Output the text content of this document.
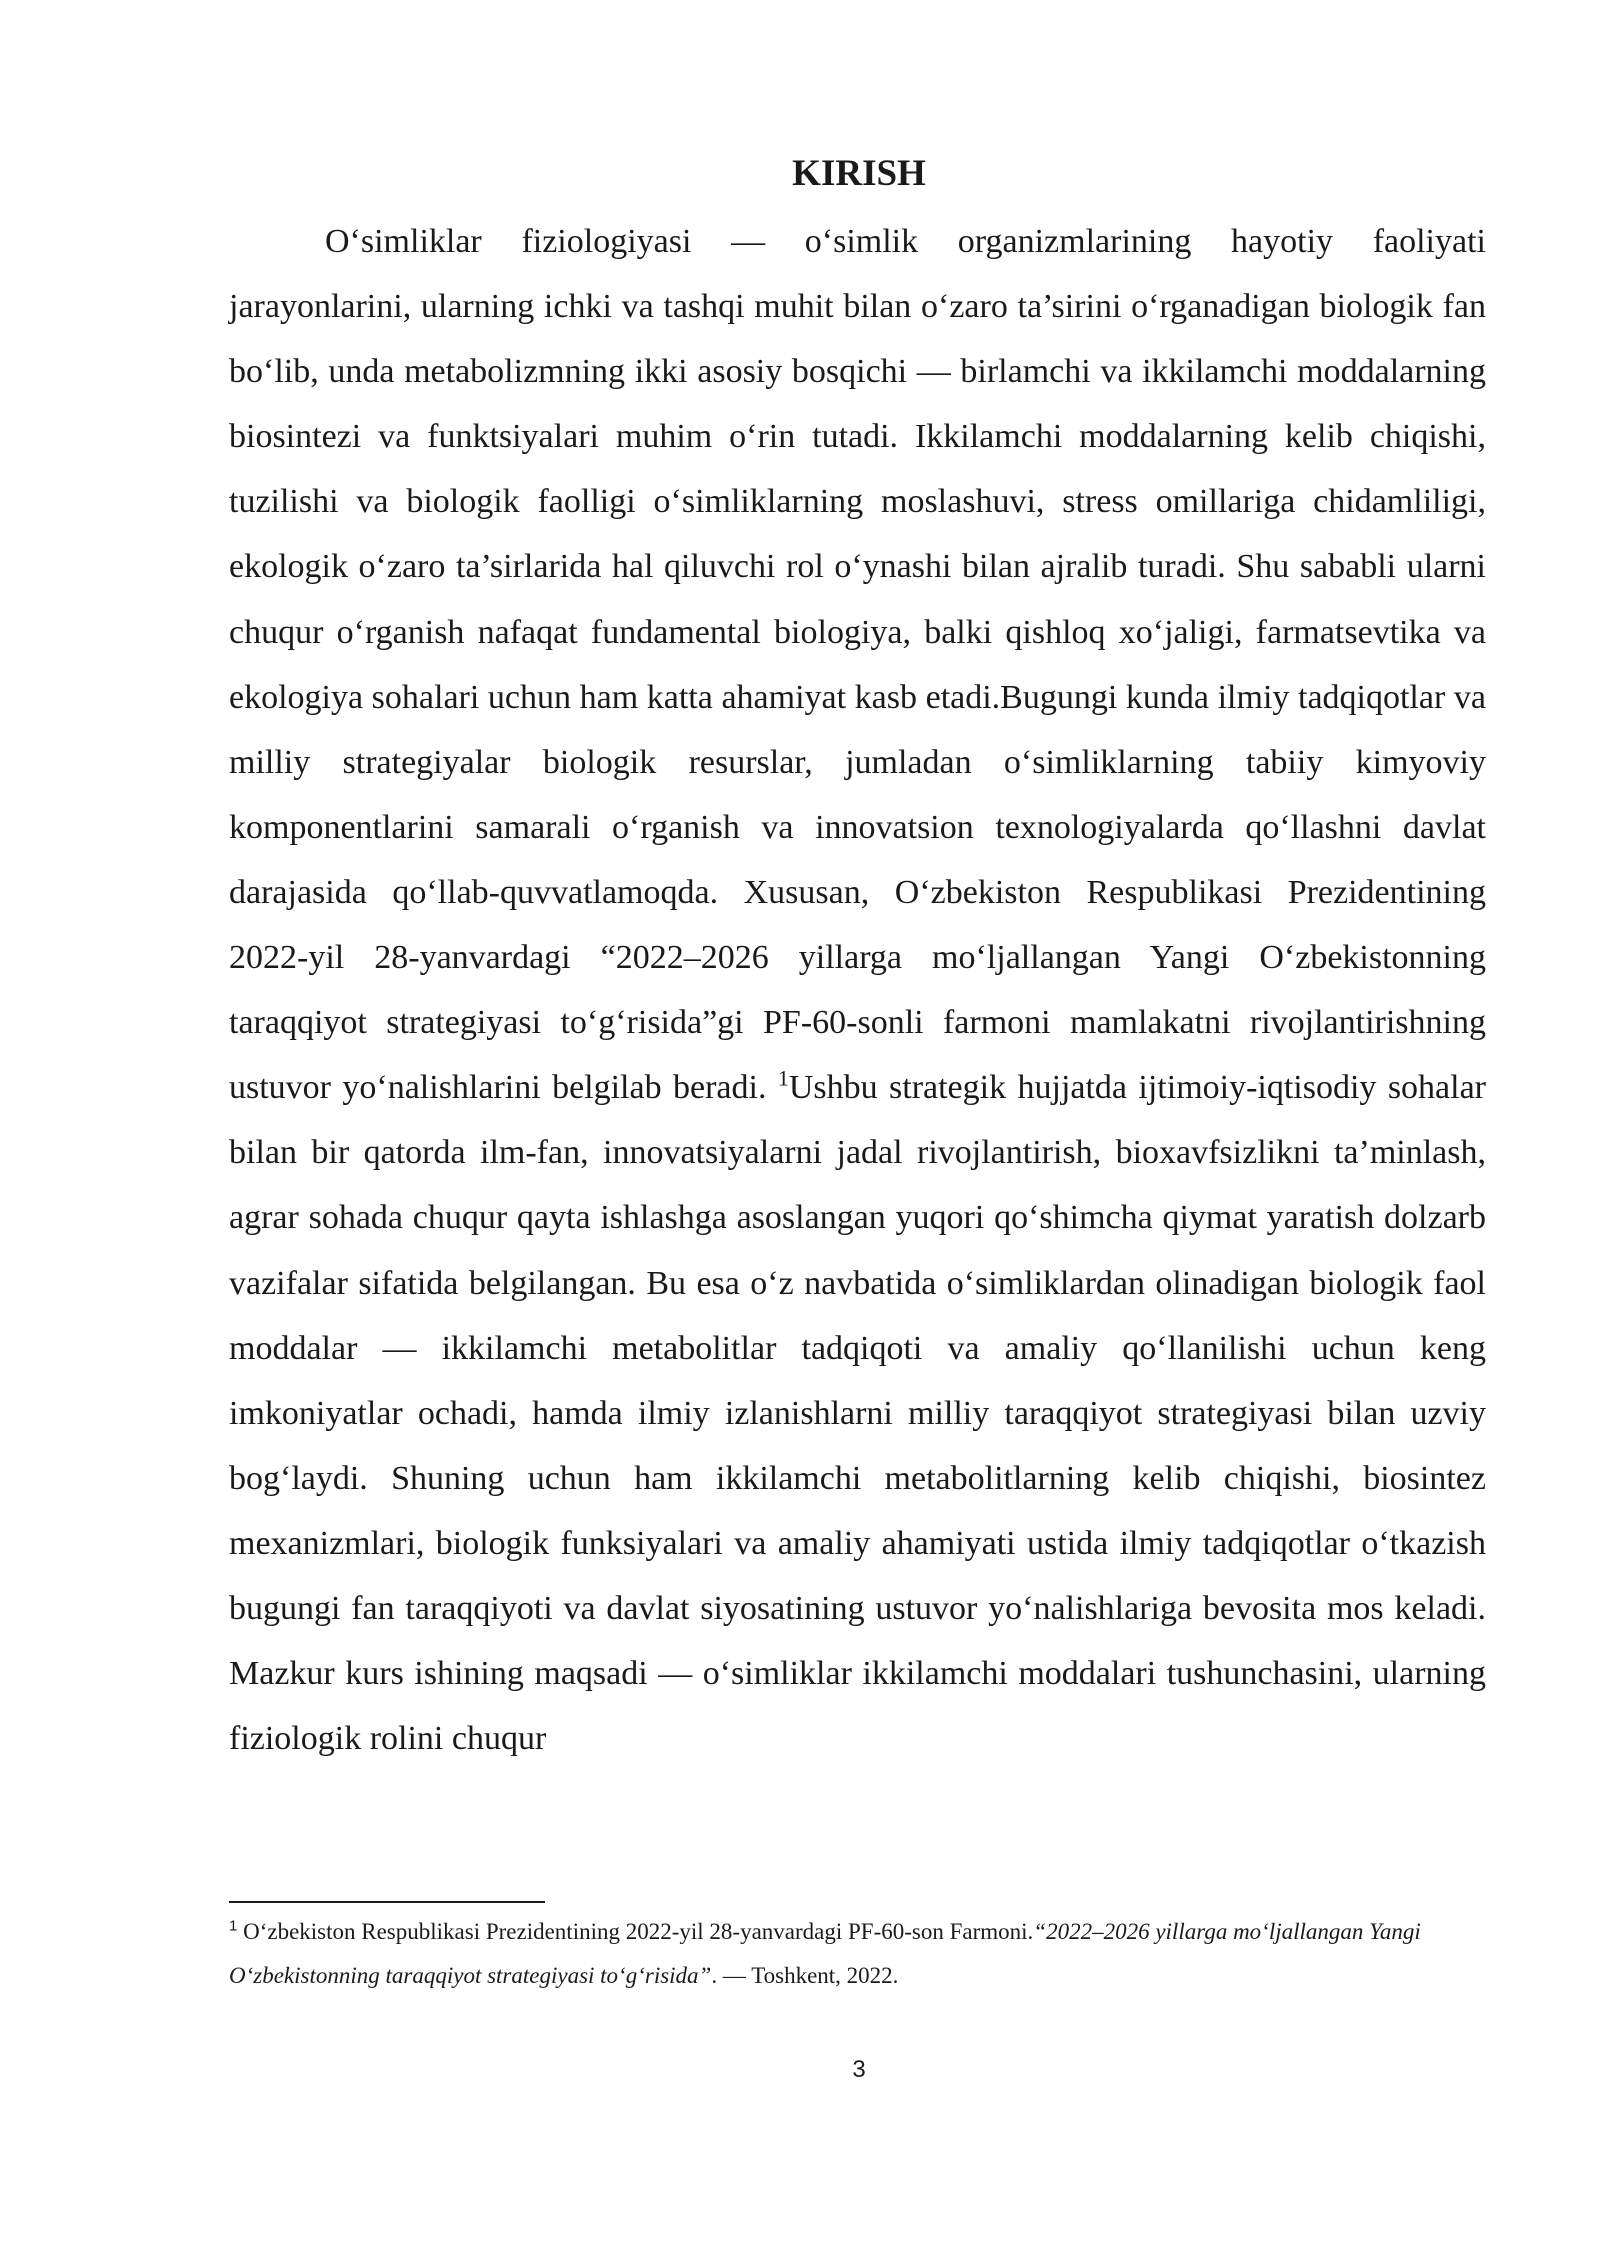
KIRISH

O‘simliklar fiziologiyasi — o‘simlik organizmlarining hayotiy faoliyati jarayonlarini, ularning ichki va tashqi muhit bilan o‘zaro ta’sirini o‘rganadigan biologik fan bo‘lib, unda metabolizmning ikki asosiy bosqichi — birlamchi va ikkilamchi moddalarning biosintezi va funktsiyalari muhim o‘rin tutadi. Ikkilamchi moddalarning kelib chiqishi, tuzilishi va biologik faolligi o‘simliklarning moslashuvi, stress omillariga chidamliligi, ekologik o‘zaro ta’sirlarida hal qiluvchi rol o‘ynashi bilan ajralib turadi. Shu sababli ularni chuqur o‘rganish nafaqat fundamental biologiya, balki qishloq xo‘jaligi, farmatsevtika va ekologiya sohalari uchun ham katta ahamiyat kasb etadi.Bugungi kunda ilmiy tadqiqotlar va milliy strategiyalar biologik resurslar, jumladan o‘simliklarning tabiiy kimyoviy komponentlarini samarali o‘rganish va innovatsion texnologiyalarda qo‘llashni davlat darajasida qo‘llab-quvvatlamoqda. Xususan, O‘zbekiston Respublikasi Prezidentining 2022-yil 28-yanvardagi “2022–2026 yillarga mo‘ljallangan Yangi O‘zbekistonning taraqqiyot strategiyasi to‘g‘risida”gi PF-60-sonli farmoni mamlakatni rivojlantirishning ustuvor yo‘nalishlarini belgilab beradi. $^1$Ushbu strategik hujjatda ijtimoiy-iqtisodiy sohalar bilan bir qatorda ilm-fan, innovatsiyalarni jadal rivojlantirish, bioxavfsizlikni ta’minlash, agrar sohada chuqur qayta ishlashga asoslangan yuqori qo‘shimcha qiymat yaratish dolzarb vazifalar sifatida belgilangan. Bu esa o‘z navbatida o‘simliklardan olinadigan biologik faol moddalar — ikkilamchi metabolitlar tadqiqoti va amaliy qo‘llanilishi uchun keng imkoniyatlar ochadi, hamda ilmiy izlanishlarni milliy taraqqiyot strategiyasi bilan uzviy bog‘laydi. Shuning uchun ham ikkilamchi metabolitlarning kelib chiqishi, biosintez mexanizmlari, biologik funksiyalari va amaliy ahamiyati ustida ilmiy tadqiqotlar o‘tkazish bugungi fan taraqqiyoti va davlat siyosatining ustuvor yo‘nalishlariga bevosita mos keladi. Mazkur kurs ishining maqsadi — o‘simliklar ikkilamchi moddalari tushunchasini, ularning fiziologik rolini chuqur

$^1$ O‘zbekiston Respublikasi Prezidentining 2022-yil 28-yanvardagi PF-60-son Farmoni.“2022–2026 yillarga mo‘ljallangan Yangi O‘zbekistonning taraqqiyot strategiyasi to‘g‘risida”. — Toshkent, 2022.

3
